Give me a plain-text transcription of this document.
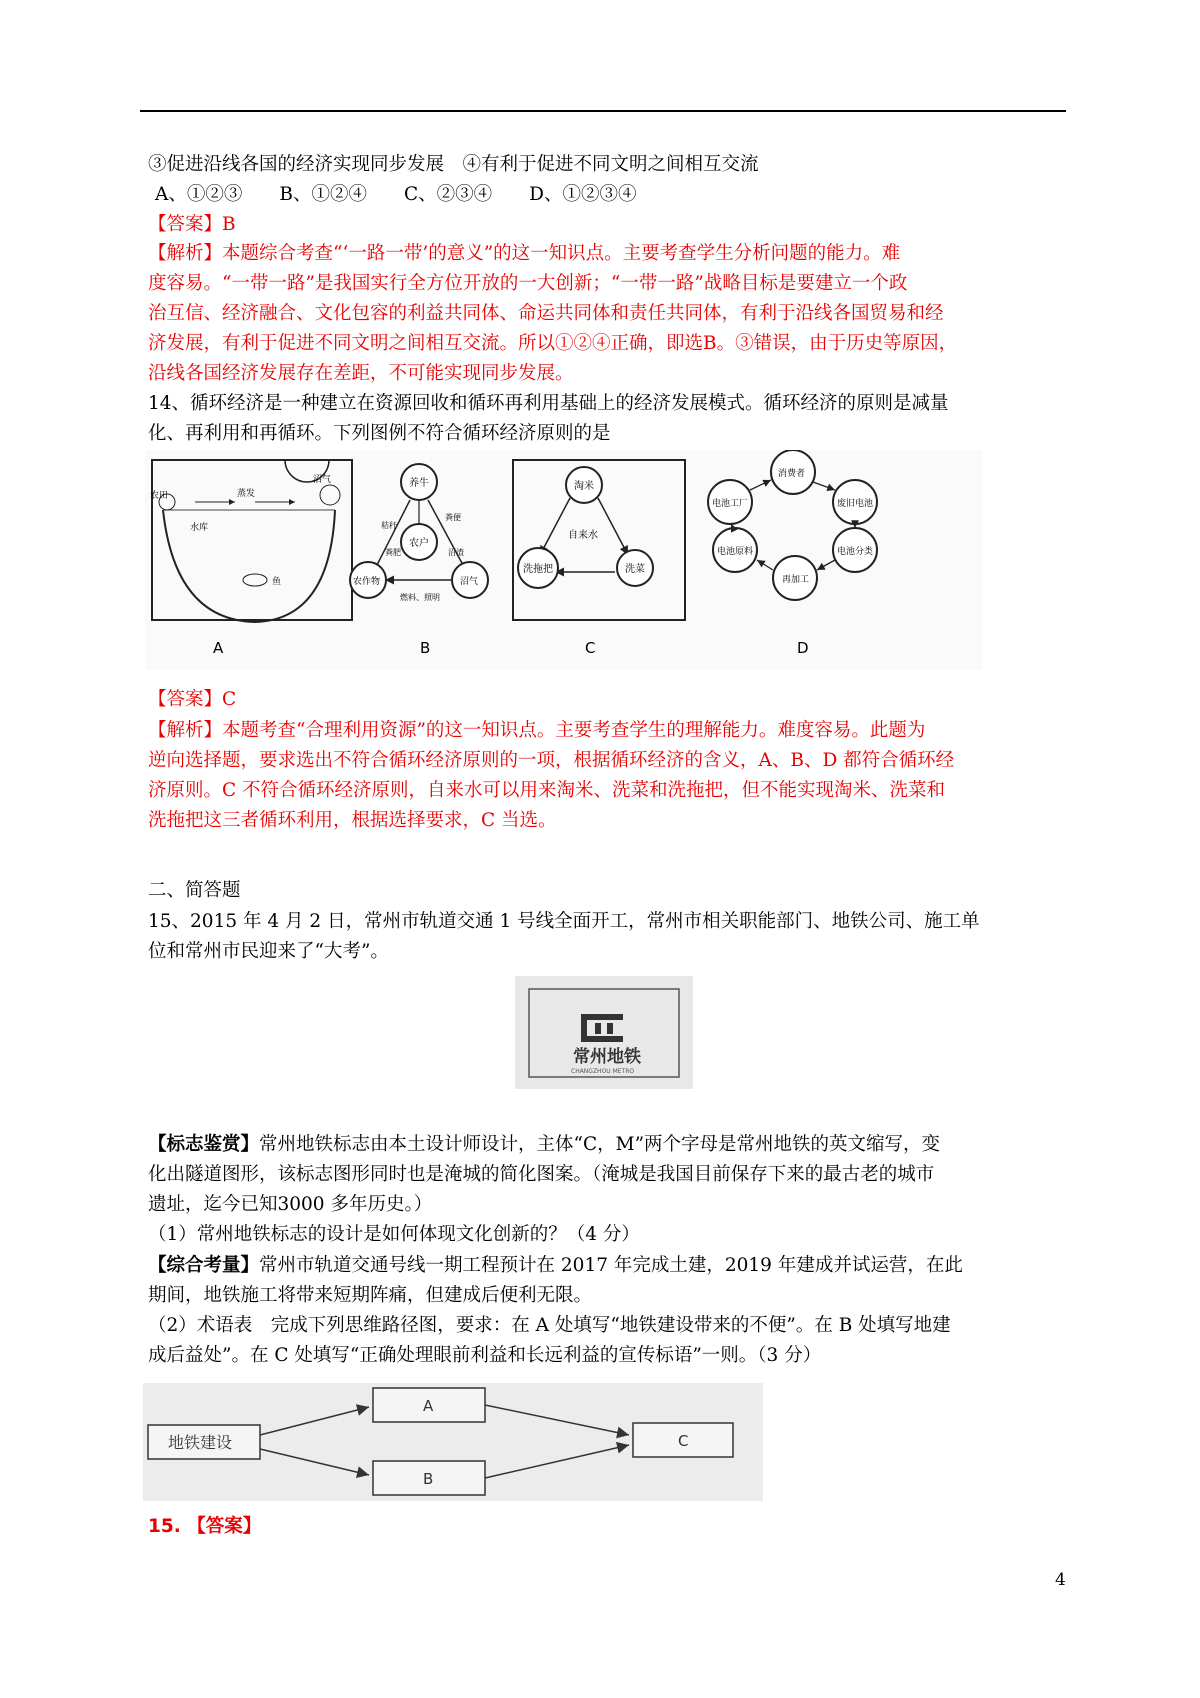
③促进沿线各国的经济实现同步发展　④有利于促进不同文明之间相互交流
A、①②③　　B、①②④　　C、②③④　　D、①②③④
【答案】B
【解析】本题综合考查“‘一路一带’的意义”的这一知识点。主要考查学生分析问题的能力。难
度容易。“一带一路”是我国实行全方位开放的一大创新；“一带一路”战略目标是要建立一个政
治互信、经济融合、文化包容的利益共同体、命运共同体和责任共同体，有利于沿线各国贸易和经
济发展，有利于促进不同文明之间相互交流。所以①②④正确，即选B。③错误，由于历史等原因，
沿线各国经济发展存在差距，不可能实现同步发展。
14、循环经济是一种建立在资源回收和循环再利用基础上的经济发展模式。循环经济的原则是减量
化、再利用和再循环。下列图例不符合循环经济原则的是
农田
沼气
鱼
水库
蒸发
A
养牛
农户
农作物	沼气
秸秆
粪便
沼渣
粪肥
燃料、照明
B
淘米
洗菜
洗拖把
自来水
C
消费者
废旧电池
电池分类
再加工
电池原料
电池工厂
D
【答案】C
【解析】本题考查“合理利用资源”的这一知识点。主要考查学生的理解能力。难度容易。此题为
逆向选择题，要求选出不符合循环经济原则的一项，根据循环经济的含义，A、B、D 都符合循环经
济原则。C 不符合循环经济原则，自来水可以用来淘米、洗菜和洗拖把，但不能实现淘米、洗菜和
洗拖把这三者循环利用，根据选择要求，C 当选。
二、简答题
15、2015 年 4 月 2 日，常州市轨道交通 1 号线全面开工，常州市相关职能部门、地铁公司、施工单
位和常州市民迎来了“大考”。
常州地铁
CHANGZHOU METRO
【标志鉴赏】常州地铁标志由本土设计师设计，主体“C，M”两个字母是常州地铁的英文缩写，变
化出隧道图形，该标志图形同时也是淹城的简化图案。（淹城是我国目前保存下来的最古老的城市
遗址，迄今已知3000 多年历史。）
（1）常州地铁标志的设计是如何体现文化创新的？（4 分）
【综合考量】常州市轨道交通号线一期工程预计在 2017 年完成土建，2019 年建成并试运营，在此
期间，地铁施工将带来短期阵痛，但建成后便利无限。
（2）术语表　完成下列思维路径图，要求：在 A 处填写“地铁建设带来的不便”。在 B 处填写地建
成后益处”。在 C 处填写“正确处理眼前利益和长远利益的宣传标语”一则。（3 分）
地铁建设
A
B
C
15. 【答案】
4
